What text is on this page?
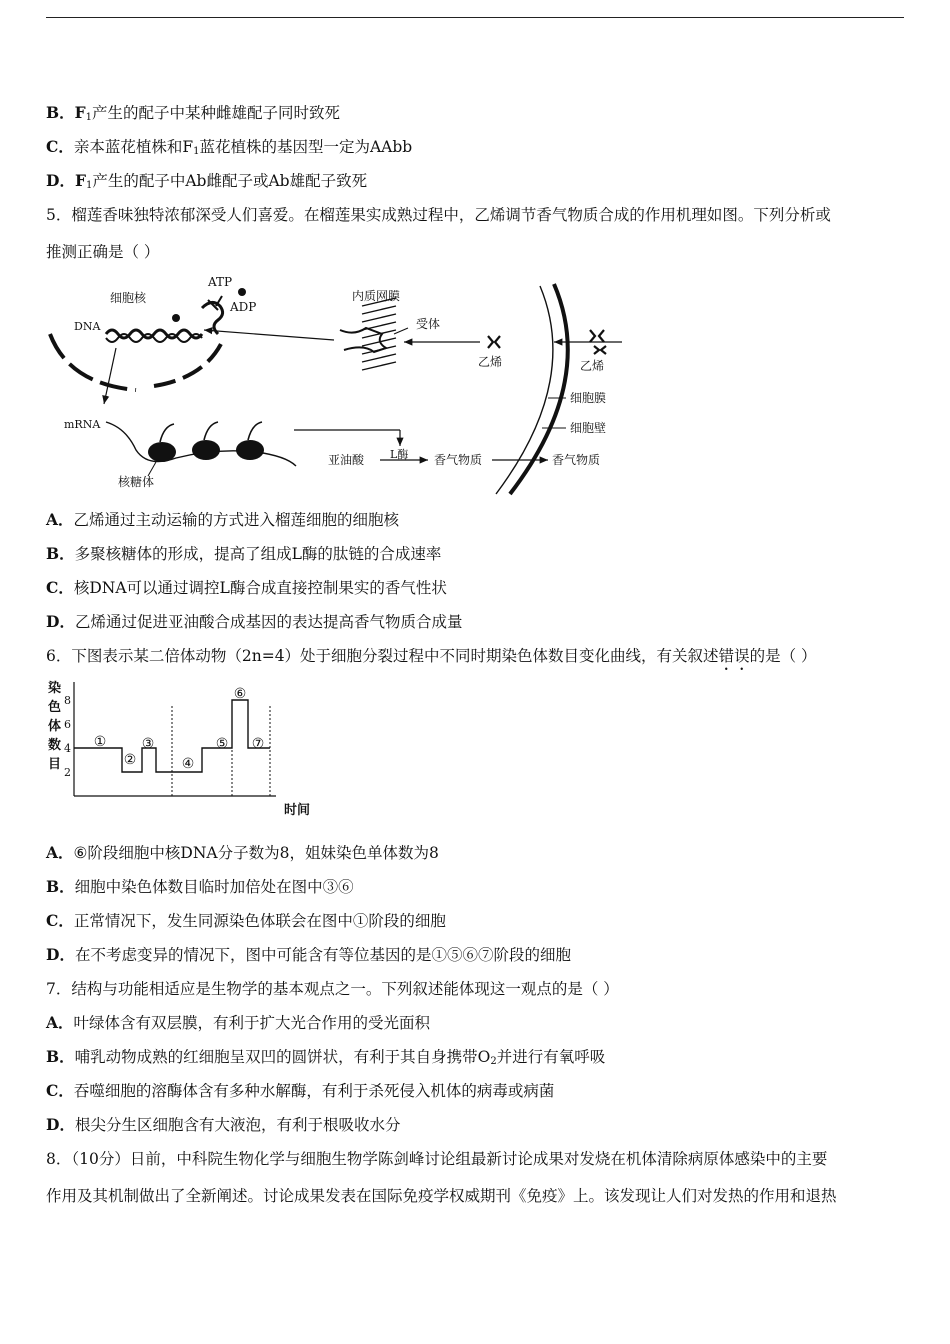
B．$F_1$产生的配子中某种雌雄配子同时致死
C．亲本蓝花植株和$F_1$蓝花植株的基因型一定为AAbb
D．$F_1$产生的配子中Ab雌配子或Ab雄配子致死
5．榴莲香味独特浓郁深受人们喜爱。在榴莲果实成熟过程中，乙烯调节香气物质合成的作用机理如图。下列分析或
推测正确是（ ）
ATP
ADP
细胞核
DNA
内质网膜
受体
乙烯	乙烯
细胞膜
细胞壁
mRNA
核糖体
亚油酸 L酶 香气物质	香气物质
A．乙烯通过主动运输的方式进入榴莲细胞的细胞核
B．多聚核糖体的形成，提高了组成L酶的肽链的合成速率
C．核DNA可以通过调控L酶合成直接控制果实的香气性状
D．乙烯通过促进亚油酸合成基因的表达提高香气物质合成量
6．下图表示某二倍体动物（2n=4）处于细胞分裂过程中不同时期染色体数目变化曲线，有关叙述错误的是（ ）
染
色
体
数
目
2
4
6
8
①
②
③
④
⑤
⑥
⑦
时间
A．⑥阶段细胞中核DNA分子数为8，姐妹染色单体数为8
B．细胞中染色体数目临时加倍处在图中③⑥
C．正常情况下，发生同源染色体联会在图中①阶段的细胞
D．在不考虑变异的情况下，图中可能含有等位基因的是①⑤⑥⑦阶段的细胞
7．结构与功能相适应是生物学的基本观点之一。下列叙述能体现这一观点的是（ ）
A．叶绿体含有双层膜，有利于扩大光合作用的受光面积
B．哺乳动物成熟的红细胞呈双凹的圆饼状，有利于其自身携带$O_2$并进行有氧呼吸
C．吞噬细胞的溶酶体含有多种水解酶，有利于杀死侵入机体的病毒或病菌
D．根尖分生区细胞含有大液泡，有利于根吸收水分
8．（10分）日前，中科院生物化学与细胞生物学陈剑峰讨论组最新讨论成果对发烧在机体清除病原体感染中的主要
作用及其机制做出了全新阐述。讨论成果发表在国际免疫学权威期刊《免疫》上。该发现让人们对发热的作用和退热
